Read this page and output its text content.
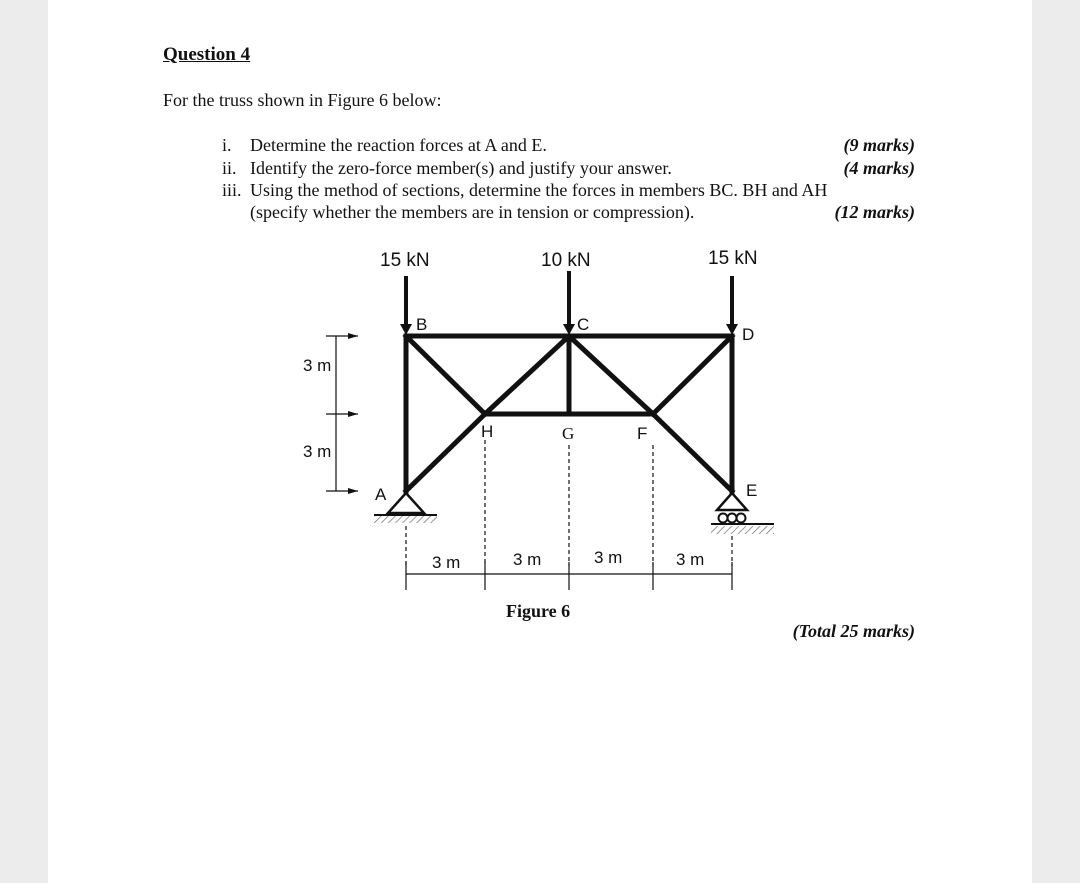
Question 4
For the truss shown in Figure 6 below:
i. Determine the reaction forces at A and E.	(9 marks)
ii. Identify the zero-force member(s) and justify your answer.	(4 marks)
iii. Using the method of sections, determine the forces in members BC. BH and AH
(specify whether the members are in tension or compression).	(12 marks)
15 kN	10 kN	15 kN
B	C
D
H	G	F
A	E
3 m
3 m
3 m	3 m	3 m	3 m
Figure 6
(Total 25 marks)
